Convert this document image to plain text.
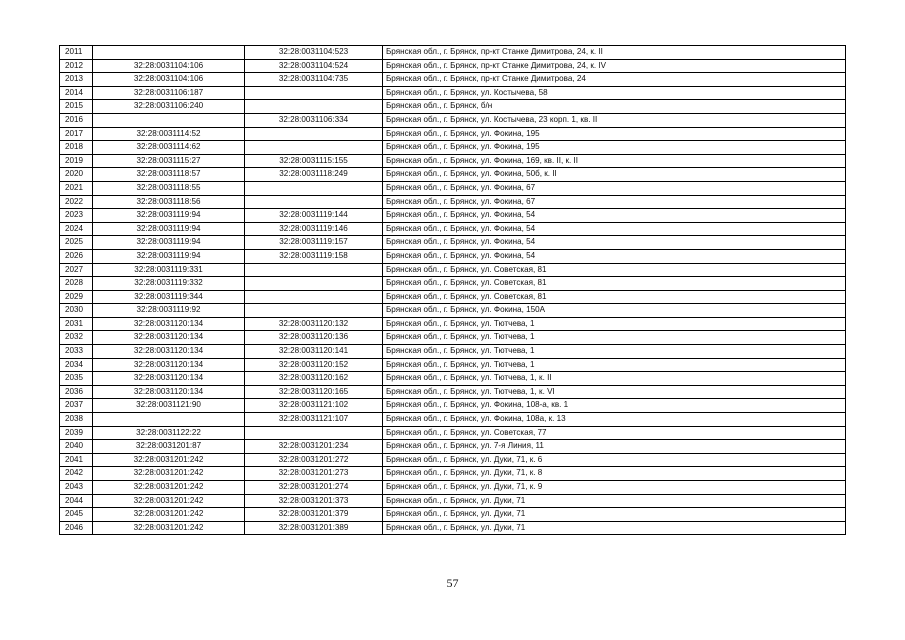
2011		32:28:0031104:523	Брянская обл., г. Брянск, пр-кт Станке Димитрова, 24, к. II
2012	32:28:0031104:106	32:28:0031104:524	Брянская обл., г. Брянск, пр-кт Станке Димитрова, 24, к. IV
2013	32:28:0031104:106	32:28:0031104:735	Брянская обл., г. Брянск, пр-кт Станке Димитрова, 24
2014	32:28:0031106:187		Брянская обл., г. Брянск, ул. Костычева, 58
2015	32:28:0031106:240		Брянская обл., г. Брянск, б/н
2016		32:28:0031106:334	Брянская обл., г. Брянск, ул. Костычева, 23 корп. 1, кв. II
2017	32:28:0031114:52		Брянская обл., г. Брянск, ул. Фокина, 195
2018	32:28:0031114:62		Брянская обл., г. Брянск, ул. Фокина, 195
2019	32:28:0031115:27	32:28:0031115:155	Брянская обл., г. Брянск, ул. Фокина, 169, кв. II, к. II
2020	32:28:0031118:57	32:28:0031118:249	Брянская обл., г. Брянск, ул. Фокина, 50б, к. II
2021	32:28:0031118:55		Брянская обл., г. Брянск, ул. Фокина, 67
2022	32:28:0031118:56		Брянская обл., г. Брянск, ул. Фокина, 67
2023	32:28:0031119:94	32:28:0031119:144	Брянская обл., г. Брянск, ул. Фокина, 54
2024	32:28:0031119:94	32:28:0031119:146	Брянская обл., г. Брянск, ул. Фокина, 54
2025	32:28:0031119:94	32:28:0031119:157	Брянская обл., г. Брянск, ул. Фокина, 54
2026	32:28:0031119:94	32:28:0031119:158	Брянская обл., г. Брянск, ул. Фокина, 54
2027	32:28:0031119:331		Брянская обл., г. Брянск, ул. Советская, 81
2028	32:28:0031119:332		Брянская обл., г. Брянск, ул. Советская, 81
2029	32:28:0031119:344		Брянская обл., г. Брянск, ул. Советская, 81
2030	32:28:0031119:92		Брянская обл., г. Брянск, ул. Фокина, 150А
2031	32:28:0031120:134	32:28:0031120:132	Брянская обл., г. Брянск, ул. Тютчева, 1
2032	32:28:0031120:134	32:28:0031120:136	Брянская обл., г. Брянск, ул. Тютчева, 1
2033	32:28:0031120:134	32:28:0031120:141	Брянская обл., г. Брянск, ул. Тютчева, 1
2034	32:28:0031120:134	32:28:0031120:152	Брянская обл., г. Брянск, ул. Тютчева, 1
2035	32:28:0031120:134	32:28:0031120:162	Брянская обл., г. Брянск, ул. Тютчева, 1, к. II
2036	32:28:0031120:134	32:28:0031120:165	Брянская обл., г. Брянск, ул. Тютчева, 1, к. VI
2037	32:28:0031121:90	32:28:0031121:102	Брянская обл., г. Брянск, ул. Фокина, 108-а, кв. 1
2038		32:28:0031121:107	Брянская обл., г. Брянск, ул. Фокина, 108а, к. 13
2039	32:28:0031122:22		Брянская обл., г. Брянск, ул. Советская, 77
2040	32:28:0031201:87	32:28:0031201:234	Брянская обл., г. Брянск, ул. 7-я Линия, 11
2041	32:28:0031201:242	32:28:0031201:272	Брянская обл., г. Брянск, ул. Дуки, 71, к. 6
2042	32:28:0031201:242	32:28:0031201:273	Брянская обл., г. Брянск, ул. Дуки, 71, к. 8
2043	32:28:0031201:242	32:28:0031201:274	Брянская обл., г. Брянск, ул. Дуки, 71, к. 9
2044	32:28:0031201:242	32:28:0031201:373	Брянская обл., г. Брянск, ул. Дуки, 71
2045	32:28:0031201:242	32:28:0031201:379	Брянская обл., г. Брянск, ул. Дуки, 71
2046	32:28:0031201:242	32:28:0031201:389	Брянская обл., г. Брянск, ул. Дуки, 71
57
